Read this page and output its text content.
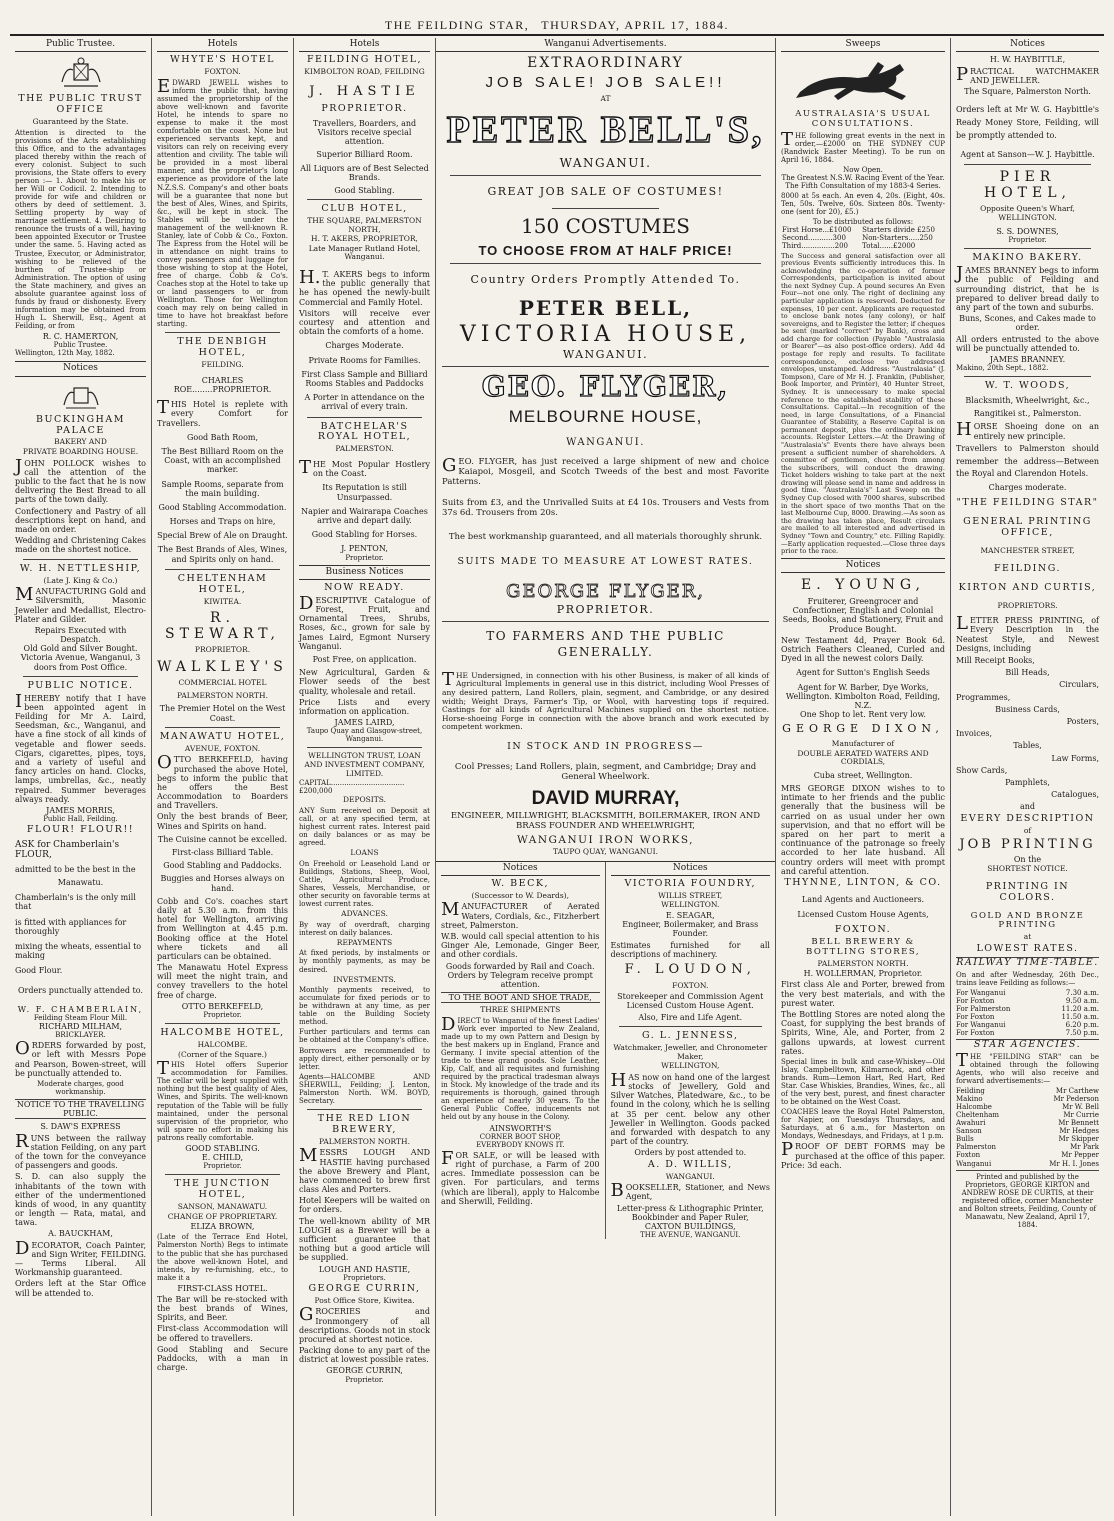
THE FEILDING STAR, THURSDAY, APRIL 17, 1884.
Public Trustee.
THE PUBLIC TRUST OFFICE
Guaranteed by the State.

Attention is directed to the provisions of the Acts establishing this Office, and to the advantages placed thereby within the reach of every colonist. Subject to such provisions, the State offers to every person :— 1. About to make his or her Will or Codicil. 2. Intending to provide for wife and children or others by deed of settlement. 3. Settling property by way of marriage settlement. 4. Desiring to renounce the trusts of a will, having been appointed Executor or Trustee under the same. 5. Having acted as Trustee, Executor, or Administrator, wishing to be relieved of the burthen of Trustee-ship or Administration. The option of using the State machinery, and gives an absolute guarantee against loss of funds by fraud or dishonesty. Every information may be obtained from Hugh L. Sherwill, Esq., Agent at Feilding, or from

R. C. HAMERTON,
Public Trustee.
Wellington, 12th May, 1882.
Notices
BUCKINGHAM PALACE
BAKERY AND
PRIVATE BOARDING HOUSE.

JOHN POLLOCK wishes to call the attention of the public to the fact that he is now delivering the Best Bread to all parts of the town daily.

Confectionery and Pastry of all descriptions kept on hand, and made on order.

Wedding and Christening Cakes made on the shortest notice.

W. H. NETTLESHIP,
(Late J. King & Co.)

MANUFACTURING Gold and Silversmith, Masonic Jeweller and Medallist, Electro-Plater and Gilder.

Repairs Executed with Despatch.
Old Gold and Silver Bought.
Victoria Avenue, Wanganui, 3 doors from Post Office.
PUBLIC NOTICE.

IHEREBY notify that I have been appointed agent in Feilding for Mr A. Laird, Seedsman, &c., Wanganui, and have a fine stock of all kinds of vegetable and flower seeds. Cigars, cigarettes, pipes, toys, and a variety of useful and fancy articles on hand. Clocks, lamps, umbrellas, &c., neatly repaired. Summer beverages always ready.

JAMES MORRIS,
Public Hall, Feilding.
FLOUR! FLOUR!!
ASK for Chamberlain's FLOUR,
admitted to be the best in the
Manawatu.
Chamberlain's is the only mill that
is fitted with appliances for thoroughly
mixing the wheats, essential to making
Good Flour.
Orders punctually attended to.
W. F. CHAMBERLAIN,
Feilding Steam Flour Mill.
RICHARD MILHAM,
BRICKLAYER.

ORDERS forwarded by post, or left with Messrs Pope and Pearson, Bowen-street, will be punctually attended to.

Moderate charges, good workmanship.
NOTICE TO THE TRAVELLING PUBLIC.
S. DAW'S EXPRESS

RUNS between the railway station Feilding, on any part of the town for the conveyance of passengers and goods.

S. D. can also supply the inhabitants of the town with either of the undermentioned kinds of wood, in any quantity or length — Rata, matai, and tawa.

A. BAUCKHAM,

DECORATOR, Coach Painter, and Sign Writer, FEILDING.— Terms Liberal. All Workmanship guaranteed.

Orders left at the Star Office will be attended to.

Hotels
WHYTE'S HOTEL
FOXTON.

EDWARD JEWELL wishes to inform the public that, having assumed the proprietorship of the above well-known and favorite Hotel, he intends to spare no expense to make it the most comfortable on the coast. None but experienced servants kept, and visitors can rely on receiving every attention and civility. The table will be provided in a most liberal manner, and the proprietor's long experience as providore of the late N.Z.S.S. Company's and other boats will be a guarantee that none but the best of Ales, Wines, and Spirits, &c., will be kept in stock. The Stables will be under the management of the well-known R. Stanley, late of Cobb & Co., Foxton. The Express from the Hotel will be in attendance on night trains to convey passengers and luggage for those wishing to stop at the Hotel, free of charge. Cobb & Co's. Coaches stop at the Hotel to take up or land passengers to or from Wellington. Those for Wellington coach may rely on being called in time to have hot breakfast before starting.

THE DENBIGH HOTEL,
FEILDING.
CHARLES ROE........PROPRIETOR.

THIS Hotel is replete with every Comfort for Travellers.

Good Bath Room,
The Best Billiard Room on the Coast, with an accomplished marker.
Sample Rooms, separate from the main building.
Good Stabling Accommodation.
Horses and Traps on hire,
Special Brew of Ale on Draught.
The Best Brands of Ales, Wines, and Spirits only on hand.
CHELTENHAM HOTEL,
KIWITEA.
R. STEWART,
PROPRIETOR.
WALKLEY'S
COMMERCIAL HOTEL
PALMERSTON NORTH.
The Premier Hotel on the West Coast.
MANAWATU HOTEL,
AVENUE, FOXTON.

OTTO BERKEFELD, having purchased the above Hotel, begs to inform the public that he offers the Best Accommodation to Boarders and Travellers.

Only the best brands of Beer, Wines and Spirits on hand.

The Cuisine cannot be excelled.
First-class Billiard Table.
Good Stabling and Paddocks.
Buggies and Horses always on hand.

Cobb and Co's. coaches start daily at 5.30 a.m. from this hotel for Wellington, arriving from Wellington at 4.45 p.m. Booking office at the Hotel where tickets and all particulars can be obtained.

The Manawatu Hotel Express will meet the night train, and convey travellers to the hotel free of charge.

OTTO BERKEFELD,
Proprietor.
HALCOMBE HOTEL,
HALCOMBE.
(Corner of the Square.)

THIS Hotel offers Superior accommodation for Families. The cellar will be kept supplied with nothing but the best quality of Ales, Wines, and Spirits. The well-known reputation of the Table will be fully maintained, under the personal supervision of the proprietor, who will spare no effort in making his patrons really comfortable.

GOOD STABLING.
E. CHILD,
Proprietor.
THE JUNCTION HOTEL,
SANSON, MANAWATU.
CHANGE OF PROPRIETARY.
ELIZA BROWN,

(Late of the Terrace End Hotel, Palmerston North) Begs to intimate to the public that she has purchased the above well-known Hotel, and intends, by re-furnishing, etc., to make it a

FIRST-CLASS HOTEL.

The Bar will be re-stocked with the best brands of Wines, Spirits, and Beer.

First-class Accommodation will be offered to travellers.

Good Stabling and Secure Paddocks, with a man in charge.

Hotels
FEILDING HOTEL,
KIMBOLTON ROAD, FEILDING
J. HASTIE
PROPRIETOR.
Travellers, Boarders, and Visitors receive special attention.
Superior Billiard Room.
All Liquors are of Best Selected Brands.
Good Stabling.
CLUB HOTEL,
THE SQUARE, PALMERSTON NORTH,
H. T. AKERS, PROPRIETOR,
Late Manager Rutland Hotel, Wanganui.

H.T. AKERS begs to inform the public generally that he has opened the newly-built Commercial and Family Hotel.

Visitors will receive ever courtesy and attention and obtain the comforts of a home.

Charges Moderate.
Private Rooms for Families.
First Class Sample and Billiard Rooms Stables and Paddocks
A Porter in attendance on the arrival of every train.
BATCHELAR'S ROYAL HOTEL,
PALMERSTON.

THE Most Popular Hostlery on the Coast.

Its Reputation is still Unsurpassed.
Napier and Wairarapa Coaches arrive and depart daily.
Good Stabling for Horses.
J. PENTON,
Proprietor.
Business Notices
NOW READY.

DESCRIPTIVE Catalogue of Forest, Fruit, and Ornamental Trees, Shrubs, Roses, &c., grown for sale by James Laird, Egmont Nursery Wanganui.

Post Free, on application.

New Agricultural, Garden & Flower seeds of the best quality, wholesale and retail.

Price Lists and every information on application.

JAMES LAIRD,
Taupo Quay and Glasgow-street, Wanganui.
WELLINGTON TRUST, LOAN AND INVESTMENT COMPANY, LIMITED.
CAPITAL.................................£200,000
DEPOSITS.

ANY Sum received on Deposit at call, or at any specified term, at highest current rates. Interest paid on daily balances or as may be agreed.

LOANS

On Freehold or Leasehold Land or Buildings, Stations, Sheep, Wool, Cattle, Agricultural Produce, Shares, Vessels, Merchandise, or other security on favorable terms at lowest current rates.

ADVANCES.

By way of overdraft, charging interest on daily balances.

REPAYMENTS

At fixed periods, by instalments or by monthly payments, as may be desired.

INVESTMENTS.

Monthly payments received, to accumulate for fixed periods or to be withdrawn at any time, as per table on the Building Society method.

Further particulars and terms can be obtained at the Company's office.

Borrowers are recommended to apply direct, either personally or by letter.

Agents—HALCOMBE AND SHERWILL, Feilding; J. Lenton, Palmerston North. WM. BOYD, Secretary.

THE RED LION BREWERY,
PALMERSTON NORTH.

MESSRS LOUGH AND HASTIE having purchased the above Brewery and Plant, have commenced to brew first class Ales and Porters.

Hotel Keepers will be waited on for orders.

The well-known ability of MR LOUGH as a Brewer will be a sufficient guarantee that nothing but a good article will be supplied.

LOUGH AND HASTIE,
Proprietors.
GEORGE CURRIN,
Post Office Store, Kiwitea.

GROCERIES and Ironmongery of all descriptions. Goods not in stock procured at shortest notice.

Packing done to any part of the district at lowest possible rates.

GEORGE CURRIN,
Proprietor.
Wanganui Advertisements.
EXTRAORDINARY
JOB SALE! JOB SALE!!
AT
PETER BELL'S,
WANGANUI.
GREAT JOB SALE OF COSTUMES!
150 COSTUMES
TO CHOOSE FROM AT HALF PRICE!
Country Orders Promptly Attended To.
PETER BELL,
VICTORIA HOUSE,
WANGANUI.
GEO. FLYGER,
MELBOURNE HOUSE,
WANGANUI.

GEO. FLYGER, has just received a large shipment of new and choice Kaiapoi, Mosgeil, and Scotch Tweeds of the best and most Favorite Patterns.

Suits from £3, and the Unrivalled Suits at £4 10s. Trousers and Vests from 37s 6d. Trousers from 20s.

The best workmanship guaranteed, and all materials thoroughly shrunk.
SUITS MADE TO MEASURE AT LOWEST RATES.
GEORGE FLYGER,
PROPRIETOR.
TO FARMERS AND THE PUBLIC
GENERALLY.

THE Undersigned, in connection with his other Business, is maker of all kinds of Agricultural Implements in general use in this district, including Wool Presses of any desired pattern, Land Rollers, plain, segment, and Cambridge, or any desired width; Weight Drays, Farmer's Tip, or Wool, with harvesting tops if required. Castings for all kinds of Agricultural Machines supplied on the shortest notice. Horse-shoeing Forge in connection with the above branch and work executed by competent workmen.

IN STOCK AND IN PROGRESS—
Cool Presses; Land Rollers, plain, segment, and Cambridge; Dray and General Wheelwork.
DAVID MURRAY,
ENGINEER, MILLWRIGHT, BLACKSMITH, BOILERMAKER, IRON AND BRASS FOUNDER AND WHEELWRIGHT,
WANGANUI IRON WORKS,
TAUPO QUAY, WANGANUI.
Notices
W. BECK,
(Successor to W. Deards),

MANUFACTURER of Aerated Waters, Cordials, &c., Fitzherbert street, Palmerston.

W.B. would call special attention to his Ginger Ale, Lemonade, Ginger Beer, and other cordials.

Goods forwarded by Rail and Coach.
Orders by Telegram receive prompt attention.
TO THE BOOT AND SHOE TRADE,
THREE SHIPMENTS

DIRECT to Wanganui of the finest Ladies' Work ever imported to New Zealand, made up to my own Pattern and Design by the best makers up in England, France and Germany. I invite special attention of the trade to these grand goods. Sole Leather, Kip, Calf, and all requisites and furnishing required by the practical tradesman always in Stock. My knowledge of the trade and its requirements is thorough, gained through an experience of nearly 30 years. To the General Public Coffee, inducements not held out by any house in the Colony.

AINSWORTH'S
CORNER BOOT SHOP,
EVERYBODY KNOWS IT.

FOR SALE, or will be leased with right of purchase, a Farm of 200 acres. Immediate possession can be given. For particulars, and terms (which are liberal), apply to Halcombe and Sherwill, Feilding.

Notices
VICTORIA FOUNDRY,
WILLIS STREET,
WELLINGTON.
E. SEAGAR,
Engineer, Boilermaker, and Brass Founder.

Estimates furnished for all descriptions of machinery.

F. LOUDON,
FOXTON.
Storekeeper and Commission Agent Licensed Custom House Agent.
Also, Fire and Life Agent.
G. L. JENNESS,
Watchmaker, Jeweller, and Chronometer Maker,
WELLINGTON,

HAS now on hand one of the largest stocks of Jewellery, Gold and Silver Watches, Platedware, &c., to be found in the colony, which he is selling at 35 per cent. below any other Jeweller in Wellington. Goods packed and forwarded with despatch to any part of the country.

Orders by post attended to.
A. D. WILLIS,
WANGANUI.

BOOKSELLER, Stationer, and News Agent,

Letter-press & Lithographic Printer, Bookbinder and Paper Ruler,
CAXTON BUILDINGS,
THE AVENUE, WANGANUI.
Sweeps
AUSTRALASIA'S USUAL CONSULTATIONS.

THE following great events in the next in order,—£2000 on THE SYDNEY CUP (Randwick Easter Meeting). To be run on April 16, 1884.

Now Open.
The Greatest N.S.W. Racing Event of the Year.
The Fifth Consultation of my 1883-4 Series.

8000 at 5s each. An even 4, 20s. (Eight, 40s. Ten, 50s. Twelve, 60s. Sixteen 80s. Twenty-one (sent for 20), £5.)

To be distributed as follows:
First Horse...£1000	Starters divide £250
Second...........300	Non-Starters.....250
Third...............200	Total......£2000

The Success and general satisfaction over all previous Events sufficiently introduces this. In acknowledging the co-operation of former Correspondents, participation is invited about the next Sydney Cup. A pound secures An Even Four—not one only. The right of declining any particular application is reserved. Deducted for expenses, 10 per cent. Applicants are requested to enclose bank notes (any colony), or half sovereigns, and to Register the letter; if cheques be sent (marked "correct" by Bank), cross and add charge for collection (Payable "Australasia or Bearer"—as also post-office orders). Add 4d postage for reply and results. To facilitate correspondence, enclose two addressed envelopes, unstamped. Address: "Australasia" (J. Tompson), Care of Mr H. J. Franklin, (Publisher, Book Importer, and Printer), 40 Hunter Street, Sydney. It is unnecessary to make special reference to the established stability of these Consultations. Capital.—In recognition of the need, in large Consultations, of a Financial Guarantee of Stability, a Reserve Capital is on permanent deposit, plus the ordinary banking accounts. Register Letters.—At the Drawing of "Australasia's" Events there have always been present a sufficient number of shareholders. A committee of gentlemen, chosen from among the subscribers, will conduct the drawing. Ticket holders wishing to take part at the next drawing will please send in name and address in good time. "Australasia's" Last Sweep on the Sydney Cup closed with 7000 shares, subscribed in the short space of two months That on the last Melbourne Cup, 8000. Drawing.—As soon as the drawing has taken place, Result circulars are mailed to all interested and advertised in Sydney "Town and Country," etc. Filling Rapidly.—Early application requested.—Close three days prior to the race.

Notices
E. YOUNG,
Fruiterer, Greengrocer and Confectioner, English and Colonial Seeds, Books, and Stationery, Fruit and Produce Bought.

New Testament 4d, Prayer Book 6d. Ostrich Feathers Cleaned, Curled and Dyed in all the newest colors Daily.

Agent for Sutton's English Seeds
Agent for W. Barber, Dye Works, Wellington. Kimbolton Road, Feilding, N.Z.
One Shop to let. Rent very low.
GEORGE DIXON,
Manufacturer of
DOUBLE AERATED WATERS AND CORDIALS,
Cuba street, Wellington.

MRS GEORGE DIXON wishes to to intimate to her friends and the public generally that the business will be carried on as usual under her own supervision, and that no effort will be spared on her part to merit a continuance of the patronage so freely accorded to her late husband. All country orders will meet with prompt and careful attention.

THYNNE, LINTON, & CO.
Land Agents and Auctioneers.
Licensed Custom House Agents,
FOXTON.
BELL BREWERY & BOTTLING STORES,
PALMERSTON NORTH.
H. WOLLERMAN, Proprietor.

First class Ale and Porter, brewed from the very best materials, and with the purest water.

The Bottling Stores are noted along the Coast, for supplying the best brands of Spirits, Wine, Ale, and Porter, from 2 gallons upwards, at lowest current rates.

Special lines in bulk and case-Whiskey—Old Islay, Campbelltown, Kilmarnock, and other brands. Rum—Lemon Hart, Red Hart, Red Star. Case Whiskies, Brandies, Wines, &c., all of the very best, purest, and finest character to be obtained on the West Coast.

COACHES leave the Royal Hotel Palmerston, for Napier, on Tuesdays Thursdays, and Saturdays, at 6 a.m., for Masterton on Mondays, Wednesdays, and Fridays, at 1 p.m.

PROOF OF DEBT FORMS may be purchased at the office of this paper. Price: 3d each.

Notices
H. W. HAYBITTLE,

PRACTICAL WATCHMAKER AND JEWELLER.

The Square, Palmerston North.

Orders left at Mr W. G. Haybittle's Ready Money Store, Feilding, will be promptly attended to.

Agent at Sanson—W. J. Haybittle.
PIER HOTEL,
Opposite Queen's Wharf,
WELLINGTON.
S. S. DOWNES,
Proprietor.
MAKINO BAKERY.

JAMES BRANNEY begs to inform the public of Feilding and surrounding district, that he is prepared to deliver bread daily to any part of the town and suburbs.

Buns, Scones, and Cakes made to order.

All orders entrusted to the above will be punctually attended to.

JAMES BRANNEY.
Makino, 20th Sept., 1882.
W. T. WOODS,
Blacksmith, Wheelwright, &c.,
Rangitikei st., Palmerston.

HORSE Shoeing done on an entirely new principle.

Travellers to Palmerston should remember the address—Between the Royal and Clarendon Hotels.

Charges moderate.
"THE FEILDING STAR"
GENERAL PRINTING OFFICE,
MANCHESTER STREET,
FEILDING.
KIRTON AND CURTIS,
PROPRIETORS.

LETTER PRESS PRINTING, of Every Description in the Neatest Style, and Newest Designs, including

Mill Receipt Books,
Bill Heads,
Circulars,
Programmes,
Business Cards,
Posters,
Invoices,
Tables,
Law Forms,
Show Cards,
Pamphlets,
Catalogues,
and
EVERY DESCRIPTION
of
JOB PRINTING
On the
SHORTEST NOTICE.
PRINTING IN COLORS.
GOLD AND BRONZE PRINTING
at
LOWEST RATES.
RAILWAY TIME-TABLE.

On and after Wednesday, 26th Dec., trains leave Feilding as follows:—

For Wanganui	7.30 a.m.
For Foxton	9.50 a.m.
For Palmerston	11.20 a.m.
For Foxton	11.50 a.m.
For Wanganui	6.20 p.m.
For Foxton	7.50 p.m.
STAR AGENCIES.

THE "FEILDING STAR" can be obtained through the following Agents, who will also receive and forward advertisements:—

Feilding	Mr Carthew
Makino	Mr Pederson
Halcombe	Mr W. Bell
Cheltenham	Mr Currie
Awahuri	Mr Bennett
Sanson	Mr Hedges
Bulls	Mr Skipper
Palmerston	Mr Park
Foxton	Mr Pepper
Wanganui	Mr H. I. Jones

Printed and published by the Proprietors, GEORGE KIRTON and ANDREW ROSE DE CURTIS, at their registered office, corner Manchester and Bolton streets, Feilding, County of Manawatu, New Zealand, April 17, 1884.
